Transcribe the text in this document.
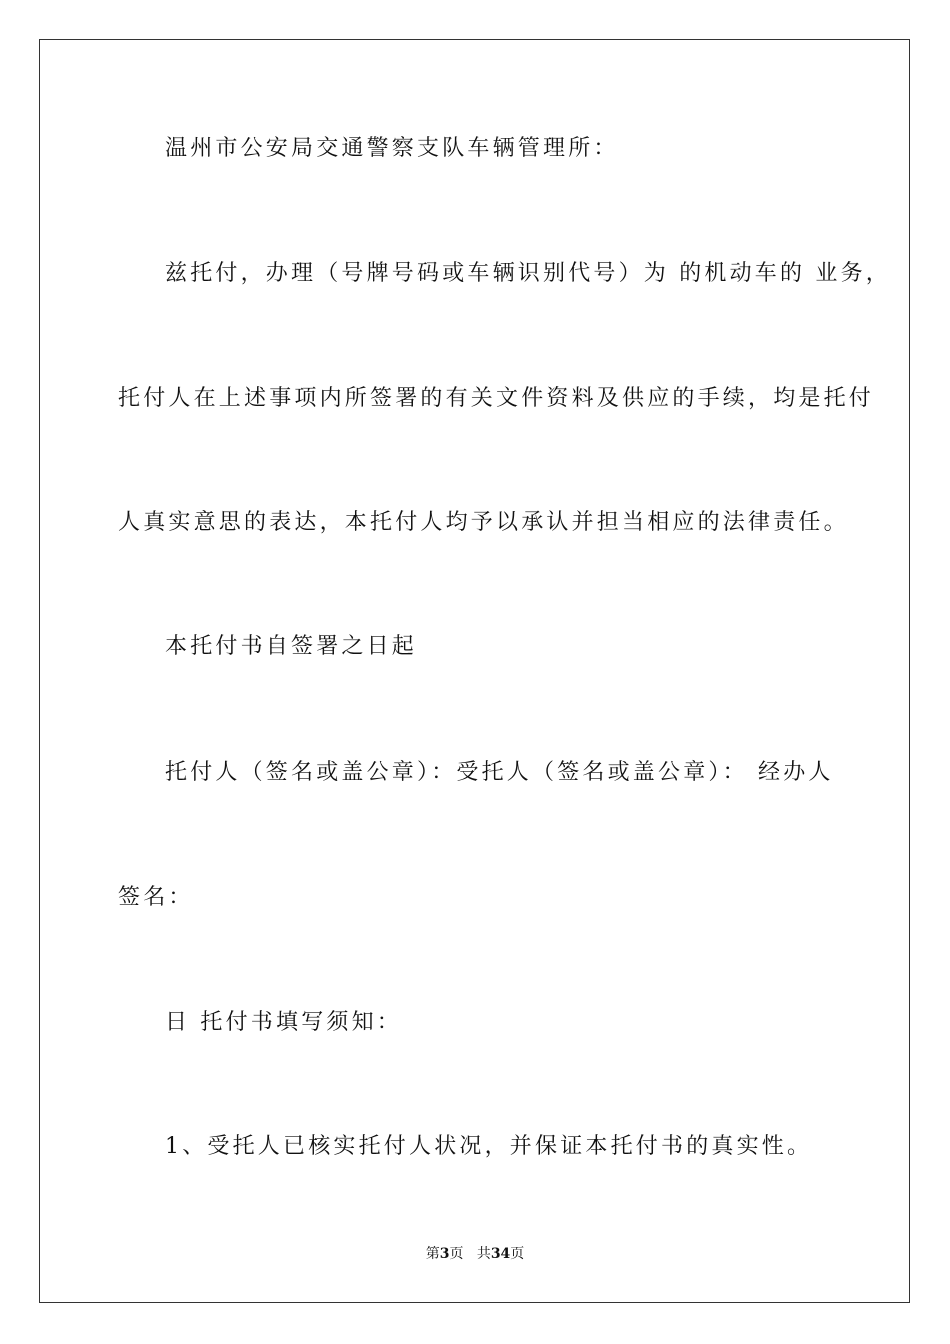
温州市公安局交通警察支队车辆管理所：
兹托付，办理（号牌号码或车辆识别代号）为 的机动车的 业务，
托付人在上述事项内所签署的有关文件资料及供应的手续，均是托付
人真实意思的表达，本托付人均予以承认并担当相应的法律责任。
本托付书自签署之日起
托付人（签名或盖公章）：受托人（签名或盖公章）： 经办人
签名：
日 托付书填写须知：
1、受托人已核实托付人状况，并保证本托付书的真实性。
第3页 共34页
